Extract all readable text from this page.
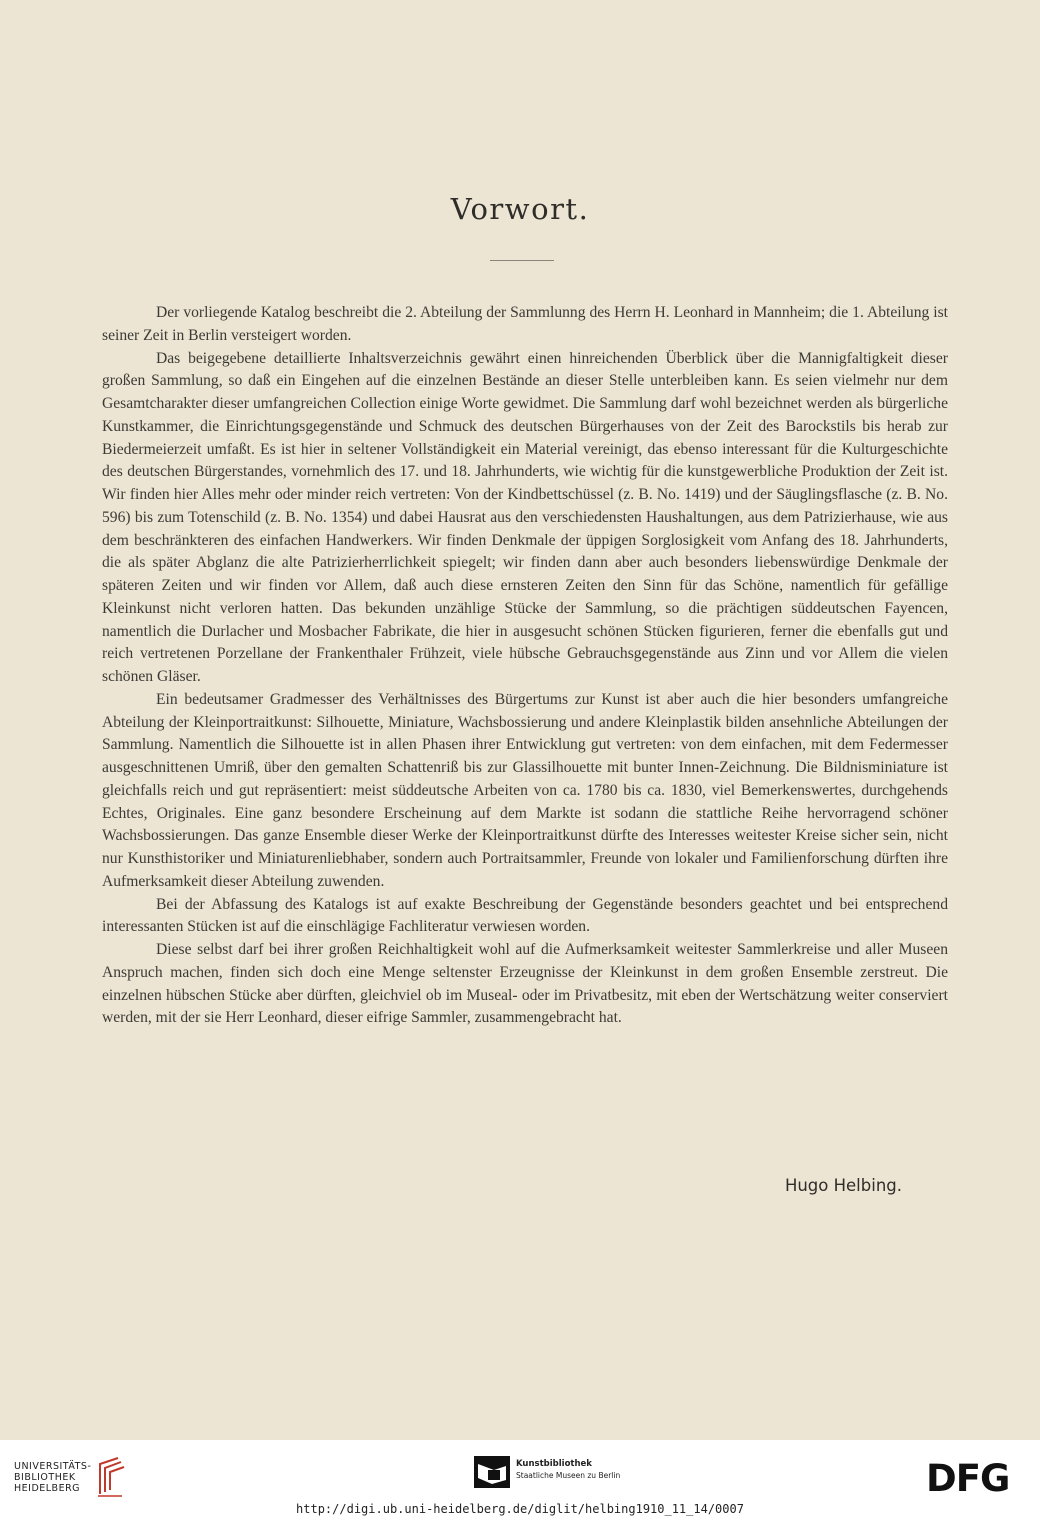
Vorwort.

Der vorliegende Katalog beschreibt die 2. Abteilung der Sammlunng des Herrn H. Leonhard in Mannheim; die 1. Abteilung ist seiner Zeit in Berlin versteigert worden.

Das beigegebene detaillierte Inhaltsverzeichnis gewährt einen hinreichenden Überblick über die Mannigfaltigkeit dieser großen Sammlung, so daß ein Eingehen auf die einzelnen Bestände an dieser Stelle unterbleiben kann. Es seien vielmehr nur dem Gesamtcharakter dieser umfangreichen Collection einige Worte gewidmet. Die Sammlung darf wohl bezeichnet werden als bürgerliche Kunstkammer, die Einrichtungsgegenstände und Schmuck des deutschen Bürgerhauses von der Zeit des Barockstils bis herab zur Biedermeierzeit umfaßt. Es ist hier in seltener Vollständigkeit ein Material vereinigt, das ebenso interessant für die Kulturgeschichte des deutschen Bürgerstandes, vornehmlich des 17. und 18. Jahrhunderts, wie wichtig für die kunstgewerbliche Produktion der Zeit ist. Wir finden hier Alles mehr oder minder reich vertreten: Von der Kindbettschüssel (z. B. No. 1419) und der Säuglingsflasche (z. B. No. 596) bis zum Totenschild (z. B. No. 1354) und dabei Hausrat aus den verschiedensten Haushaltungen, aus dem Patrizierhause, wie aus dem beschränkteren des einfachen Handwerkers. Wir finden Denkmale der üppigen Sorglosigkeit vom Anfang des 18. Jahrhunderts, die als später Abglanz die alte Patrizierherrlichkeit spiegelt; wir finden dann aber auch besonders liebenswürdige Denkmale der späteren Zeiten und wir finden vor Allem, daß auch diese ernsteren Zeiten den Sinn für das Schöne, namentlich für gefällige Kleinkunst nicht verloren hatten. Das bekunden unzählige Stücke der Sammlung, so die prächtigen süddeutschen Fayencen, namentlich die Durlacher und Mosbacher Fabrikate, die hier in ausgesucht schönen Stücken figurieren, ferner die ebenfalls gut und reich vertretenen Porzellane der Frankenthaler Frühzeit, viele hübsche Gebrauchsgegenstände aus Zinn und vor Allem die vielen schönen Gläser.

Ein bedeutsamer Gradmesser des Verhältnisses des Bürgertums zur Kunst ist aber auch die hier besonders umfangreiche Abteilung der Kleinportraitkunst: Silhouette, Miniature, Wachsbossierung und andere Kleinplastik bilden ansehnliche Abteilungen der Sammlung. Namentlich die Silhouette ist in allen Phasen ihrer Entwicklung gut vertreten: von dem einfachen, mit dem Federmesser ausgeschnittenen Umriß, über den gemalten Schattenriß bis zur Glassilhouette mit bunter Innen-Zeichnung. Die Bildnisminiature ist gleichfalls reich und gut repräsentiert: meist süddeutsche Arbeiten von ca. 1780 bis ca. 1830, viel Bemerkenswertes, durchgehends Echtes, Originales. Eine ganz besondere Erscheinung auf dem Markte ist sodann die stattliche Reihe hervorragend schöner Wachsbossierungen. Das ganze Ensemble dieser Werke der Kleinportraitkunst dürfte des Interesses weitester Kreise sicher sein, nicht nur Kunsthistoriker und Miniaturenliebhaber, sondern auch Portraitsammler, Freunde von lokaler und Familienforschung dürften ihre Aufmerksamkeit dieser Abteilung zuwenden.

Bei der Abfassung des Katalogs ist auf exakte Beschreibung der Gegenstände besonders geachtet und bei entsprechend interessanten Stücken ist auf die einschlägige Fachliteratur verwiesen worden.

Diese selbst darf bei ihrer großen Reichhaltigkeit wohl auf die Aufmerksamkeit weitester Sammlerkreise und aller Museen Anspruch machen, finden sich doch eine Menge seltenster Erzeugnisse der Kleinkunst in dem großen Ensemble zerstreut. Die einzelnen hübschen Stücke aber dürften, gleichviel ob im Museal- oder im Privatbesitz, mit eben der Wertschätzung weiter conserviert werden, mit der sie Herr Leonhard, dieser eifrige Sammler, zusammengebracht hat.

Hugo Helbing.
UNIVERSITÄTS-
BIBLIOTHEK
HEIDELBERG
Kunstbibliothek
Staatliche Museen zu Berlin	DFG
http://digi.ub.uni-heidelberg.de/diglit/helbing1910_11_14/0007
